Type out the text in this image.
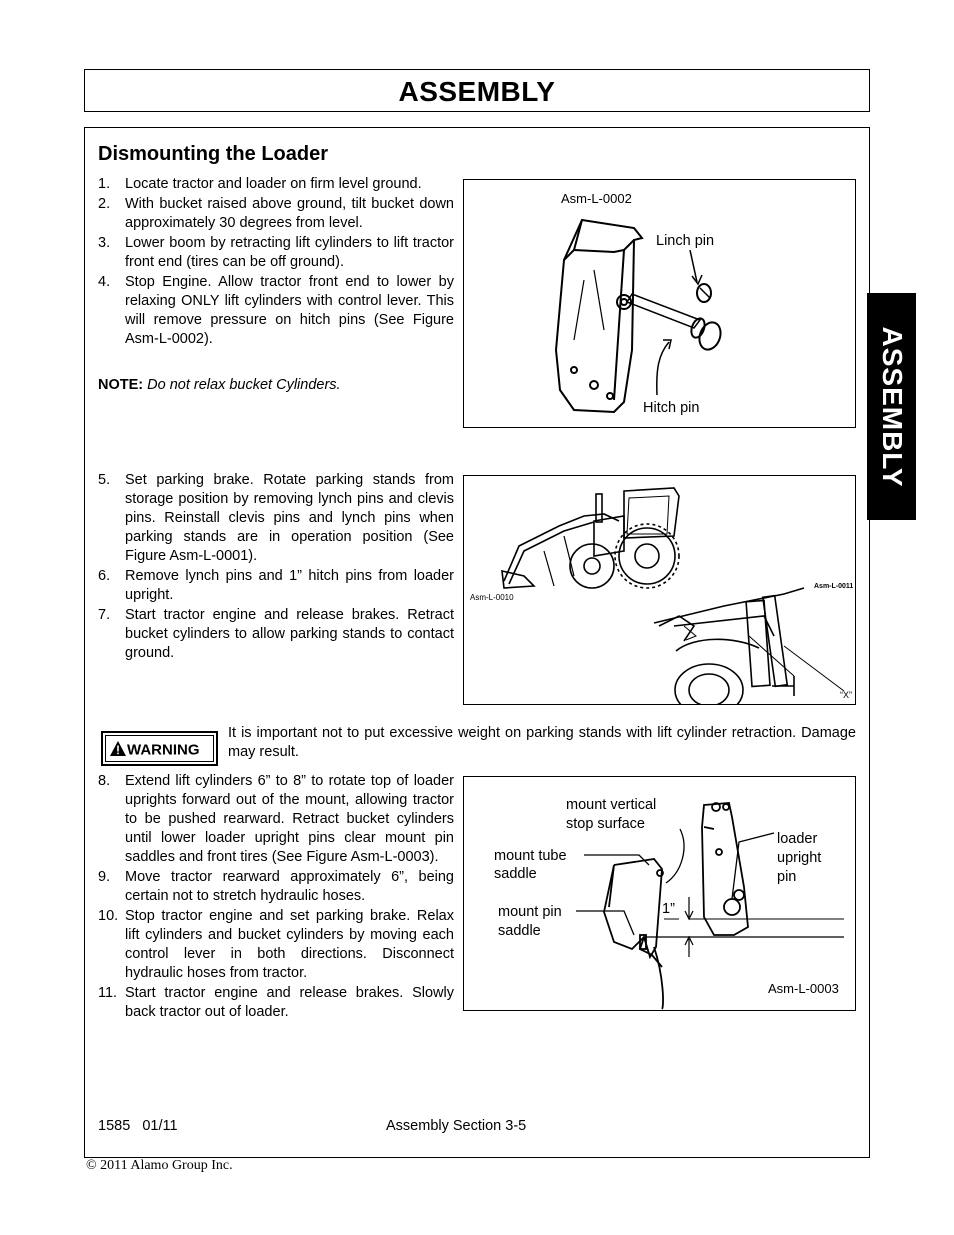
ASSEMBLY
ASSEMBLY
Dismounting the Loader
1.	Locate tractor and loader on firm level ground.
2.	With bucket raised above ground, tilt bucket down approximately 30 degrees from level.
3.	Lower boom by retracting lift cylinders to lift tractor front end (tires can be off ground).
4.	Stop Engine. Allow tractor front end to lower by relaxing ONLY lift cylinders with control lever. This will remove pressure on hitch pins (See Figure Asm-L-0002).
NOTE: Do not relax bucket Cylinders.
Asm-L-0002
Linch pin
Hitch pin
5.	Set parking brake. Rotate parking stands from storage position by removing lynch pins and clevis pins. Reinstall clevis pins and lynch pins when parking stands are in operation position (See Figure Asm-L-0001).
6.	Remove lynch pins and 1” hitch pins from loader upright.
7.	Start tractor engine and release brakes. Retract bucket cylinders to allow parking stands to contact ground.
Asm-L-0010
Asm-L-0011
“X”
WARNING
It is important not to put excessive weight on parking stands with lift cylinder retraction. Damage may result.
8.	Extend lift cylinders 6” to 8” to rotate top of loader uprights forward out of the mount, allowing tractor to be pushed rearward. Retract bucket cylinders until lower loader upright pins clear mount pin saddles and front tires (See Figure Asm-L-0003).
9.	Move tractor rearward approximately 6”, being certain not to stretch hydraulic hoses.
10. Stop tractor engine and set parking brake. Relax lift cylinders and bucket cylinders by moving each control lever in both directions. Disconnect hydraulic hoses from tractor.
11. Start tractor engine and release brakes. Slowly back tractor out of loader.
mount vertical
stop surface
mount tube
saddle
mount pin
saddle
loader
upright
pin
1”
Asm-L-0003
1585   01/11	Assembly Section 3-5
© 2011 Alamo Group Inc.
